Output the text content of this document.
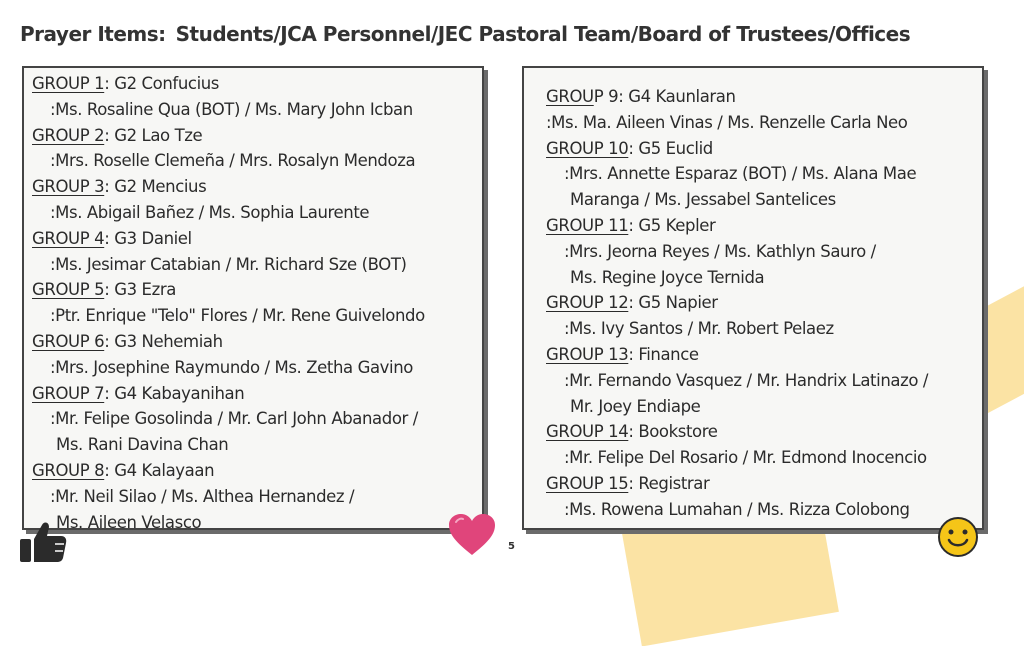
Prayer Items: Students/JCA Personnel/JEC Pastoral Team/Board of Trustees/Offices
GROUP 1: G2 Confucius
:Ms. Rosaline Qua (BOT) / Ms. Mary John Icban
GROUP 2: G2 Lao Tze
:Mrs. Roselle Clemeña / Mrs. Rosalyn Mendoza
GROUP 3: G2 Mencius
:Ms. Abigail Bañez / Ms. Sophia Laurente
GROUP 4: G3 Daniel
:Ms. Jesimar Catabian / Mr. Richard Sze (BOT)
GROUP 5: G3 Ezra
:Ptr. Enrique "Telo" Flores / Mr. Rene Guivelondo
GROUP 6: G3 Nehemiah
:Mrs. Josephine Raymundo / Ms. Zetha Gavino
GROUP 7: G4 Kabayanihan
:Mr. Felipe Gosolinda / Mr. Carl John Abanador /
Ms. Rani Davina Chan
GROUP 8: G4 Kalayaan
:Mr. Neil Silao / Ms. Althea Hernandez /
Ms. Aileen Velasco
GROUP 9: G4 Kaunlaran
:Ms. Ma. Aileen Vinas / Ms. Renzelle Carla Neo
GROUP 10: G5 Euclid
:Mrs. Annette Esparaz (BOT) / Ms. Alana Mae
Maranga / Ms. Jessabel Santelices
GROUP 11: G5 Kepler
:Mrs. Jeorna Reyes / Ms. Kathlyn Sauro /
Ms. Regine Joyce Ternida
GROUP 12: G5 Napier
:Ms. Ivy Santos / Mr. Robert Pelaez
GROUP 13: Finance
:Mr. Fernando Vasquez / Mr. Handrix Latinazo /
Mr. Joey Endiape
GROUP 14: Bookstore
:Mr. Felipe Del Rosario / Mr. Edmond Inocencio
GROUP 15: Registrar
:Ms. Rowena Lumahan / Ms. Rizza Colobong
5
